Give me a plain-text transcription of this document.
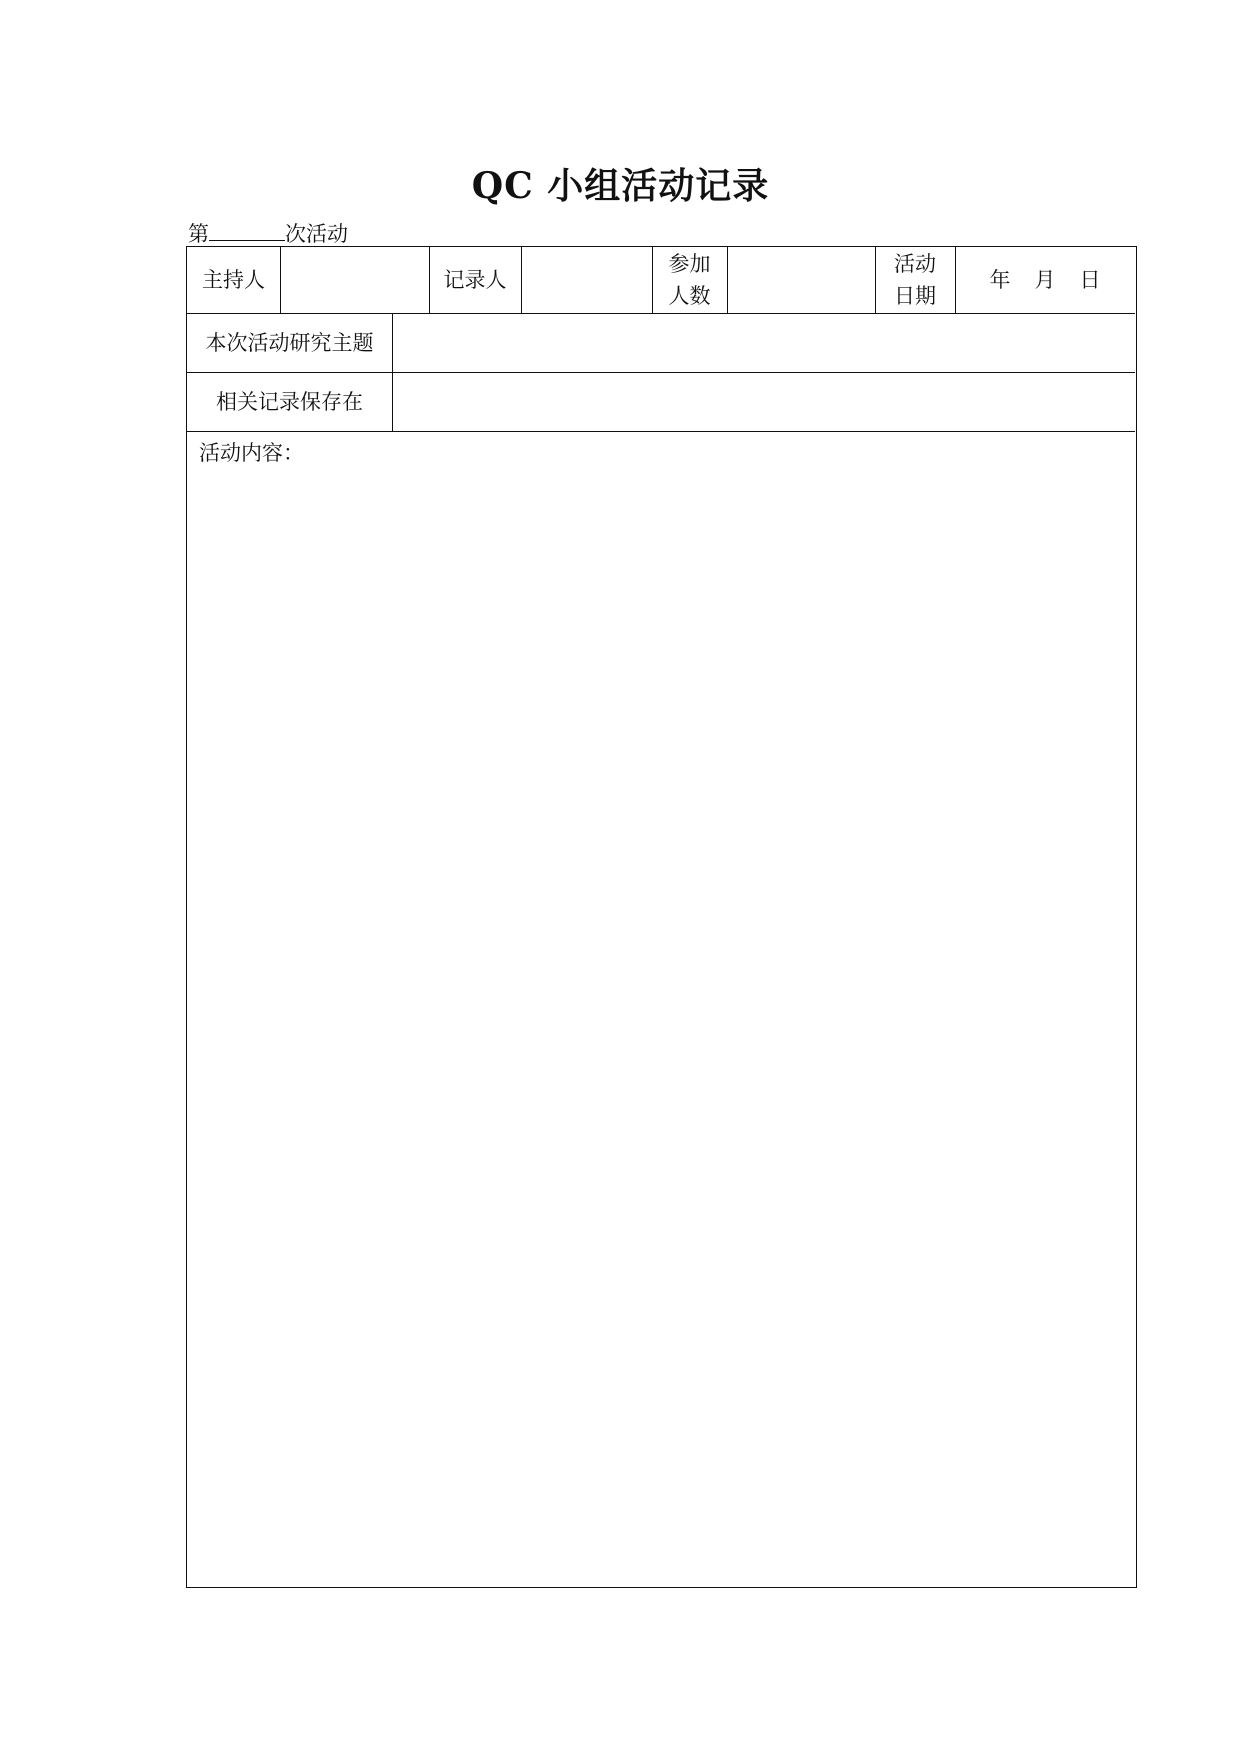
QC 小组活动记录
第	次活动
主持人	记录人
参加
人数
活动
日期
年 月 日
本次活动研究主题
相关记录保存在
活动内容：
